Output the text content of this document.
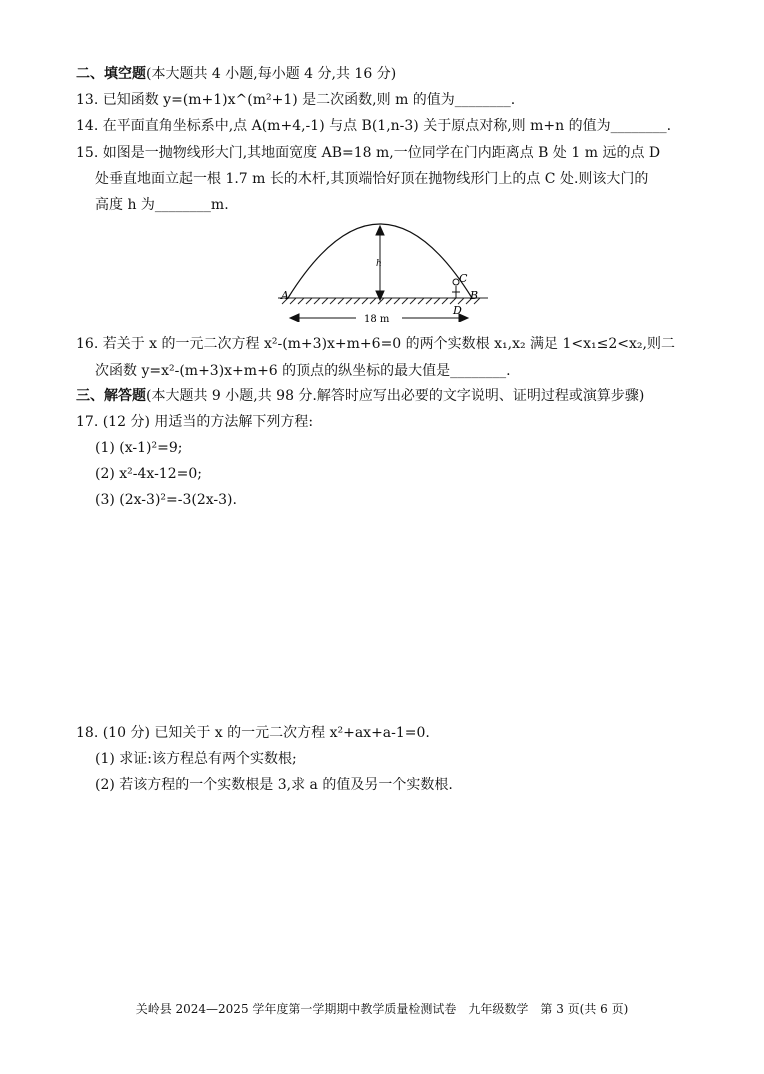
二、填空题(本大题共 4 小题,每小题 4 分,共 16 分)
13. 已知函数 y=(m+1)x^(m²+1) 是二次函数,则 m 的值为________.
14. 在平面直角坐标系中,点 A(m+4,-1) 与点 B(1,n-3) 关于原点对称,则 m+n 的值为________.
15. 如图是一抛物线形大门,其地面宽度 AB=18 m,一位同学在门内距离点 B 处 1 m 远的点 D
处垂直地面立起一根 1.7 m 长的木杆,其顶端恰好顶在抛物线形门上的点 C 处.则该大门的
高度 h 为________m.
A	B
C
D
h
18 m
16. 若关于 x 的一元二次方程 x²-(m+3)x+m+6=0 的两个实数根 x₁,x₂ 满足 1<x₁≤2<x₂,则二
次函数 y=x²-(m+3)x+m+6 的顶点的纵坐标的最大值是________.
三、解答题(本大题共 9 小题,共 98 分.解答时应写出必要的文字说明、证明过程或演算步骤)
17. (12 分) 用适当的方法解下列方程:
(1) (x-1)²=9;
(2) x²-4x-12=0;
(3) (2x-3)²=-3(2x-3).
18. (10 分) 已知关于 x 的一元二次方程 x²+ax+a-1=0.
(1) 求证:该方程总有两个实数根;
(2) 若该方程的一个实数根是 3,求 a 的值及另一个实数根.
关岭县 2024—2025 学年度第一学期期中教学质量检测试卷　九年级数学　第 3 页(共 6 页)
